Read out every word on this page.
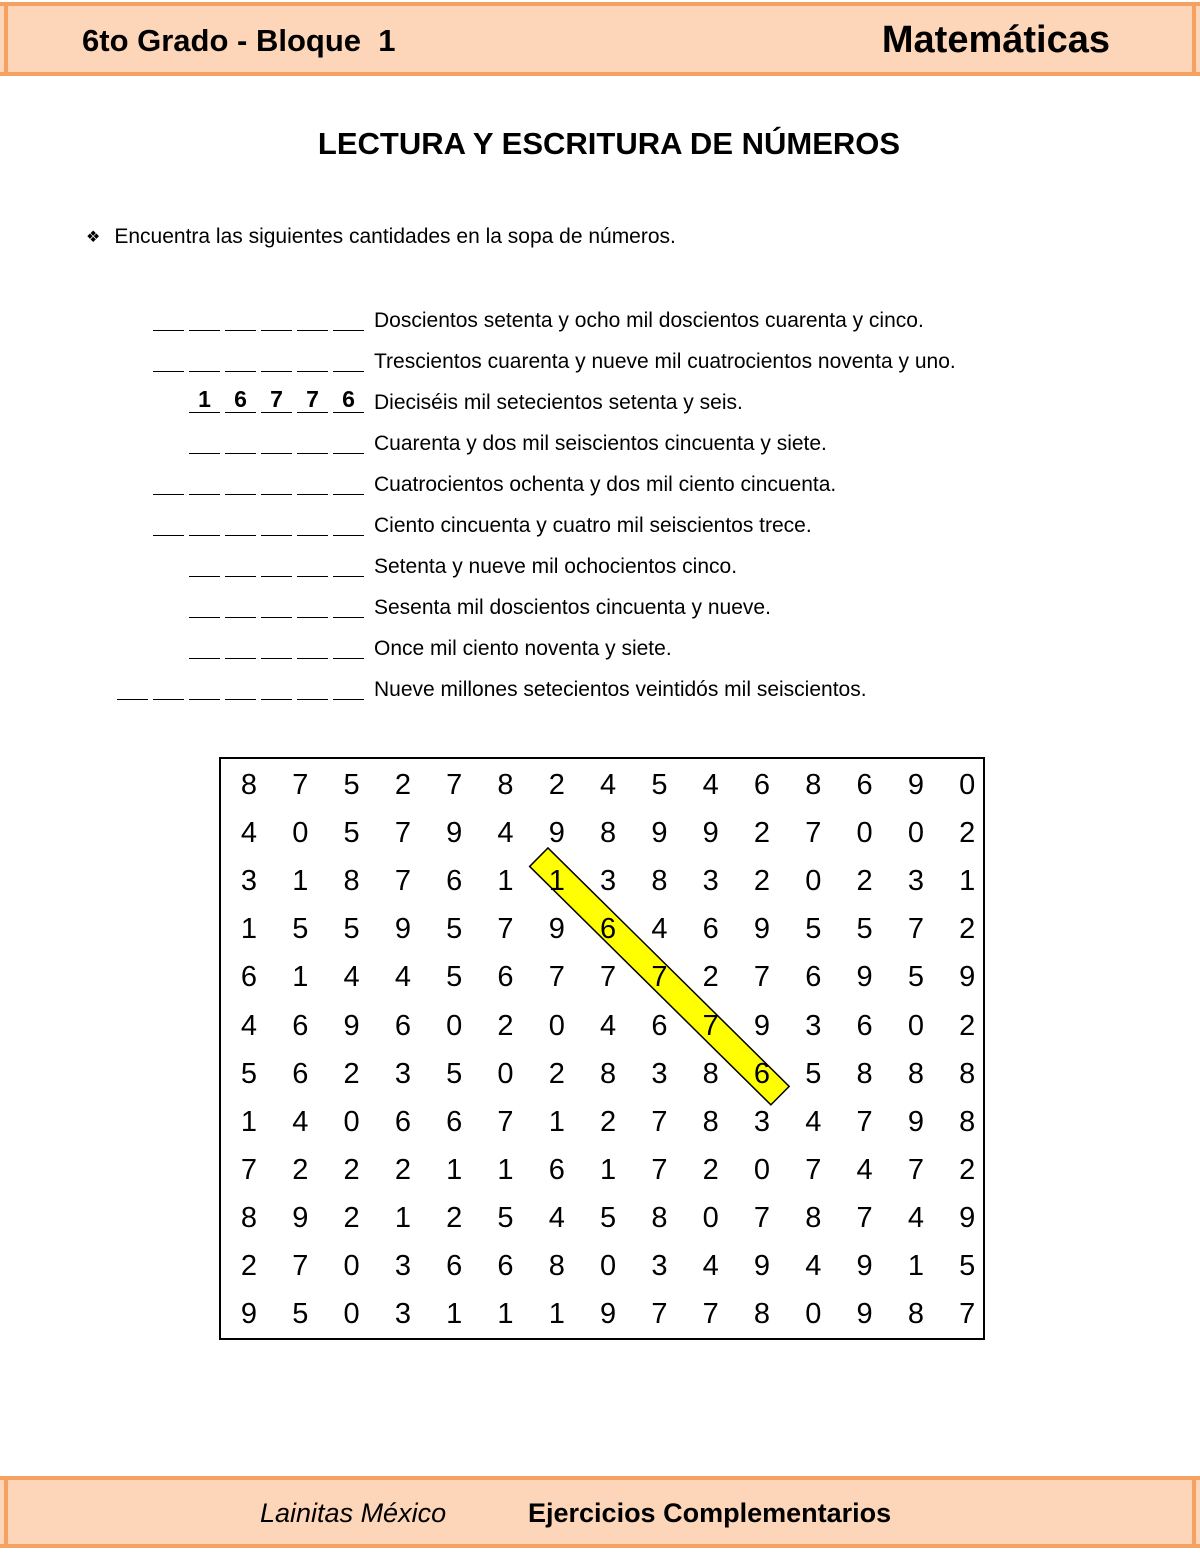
6to Grado - Bloque  1	Matemáticas
LECTURA Y ESCRITURA DE NÚMEROS
❖ Encuentra las siguientes cantidades en la sopa de números.
Doscientos setenta y ocho mil doscientos cuarenta y cinco.
Trescientos cuarenta y nueve mil cuatrocientos noventa y uno.
1	6	7	7	6 Dieciséis mil setecientos setenta y seis.
Cuarenta y dos mil seiscientos cincuenta y siete.
Cuatrocientos ochenta y dos mil ciento cincuenta.
Ciento cincuenta y cuatro mil seiscientos trece.
Setenta y nueve mil ochocientos cinco.
Sesenta mil doscientos cincuenta y nueve.
Once mil ciento noventa y siete.
Nueve millones setecientos veintidós mil seiscientos.
8 7 5 2 7 8 2 4 5 4 6 8 6 9 0
4 0 5 7 9 4 9 8 9 9 2 7 0 0 2
3 1 8 7 6 1 1 3 8 3 2 0 2 3 1
1 5 5 9 5 7 9 6 4 6 9 5 5 7 2
6 1 4 4 5 6 7 7 7 2 7 6 9 5 9
4 6 9 6 0 2 0 4 6 7 9 3 6 0 2
5 6 2 3 5 0 2 8 3 8 6 5 8 8 8
1 4 0 6 6 7 1 2 7 8 3 4 7 9 8
7 2 2 2 1 1 6 1 7 2 0 7 4 7 2
8 9 2 1 2 5 4 5 8 0 7 8 7 4 9
2 7 0 3 6 6 8 0 3 4 9 4 9 1 5
9 5 0 3 1 1 1 9 7 7 8 0 9 8 7
Lainitas México	Ejercicios Complementarios
